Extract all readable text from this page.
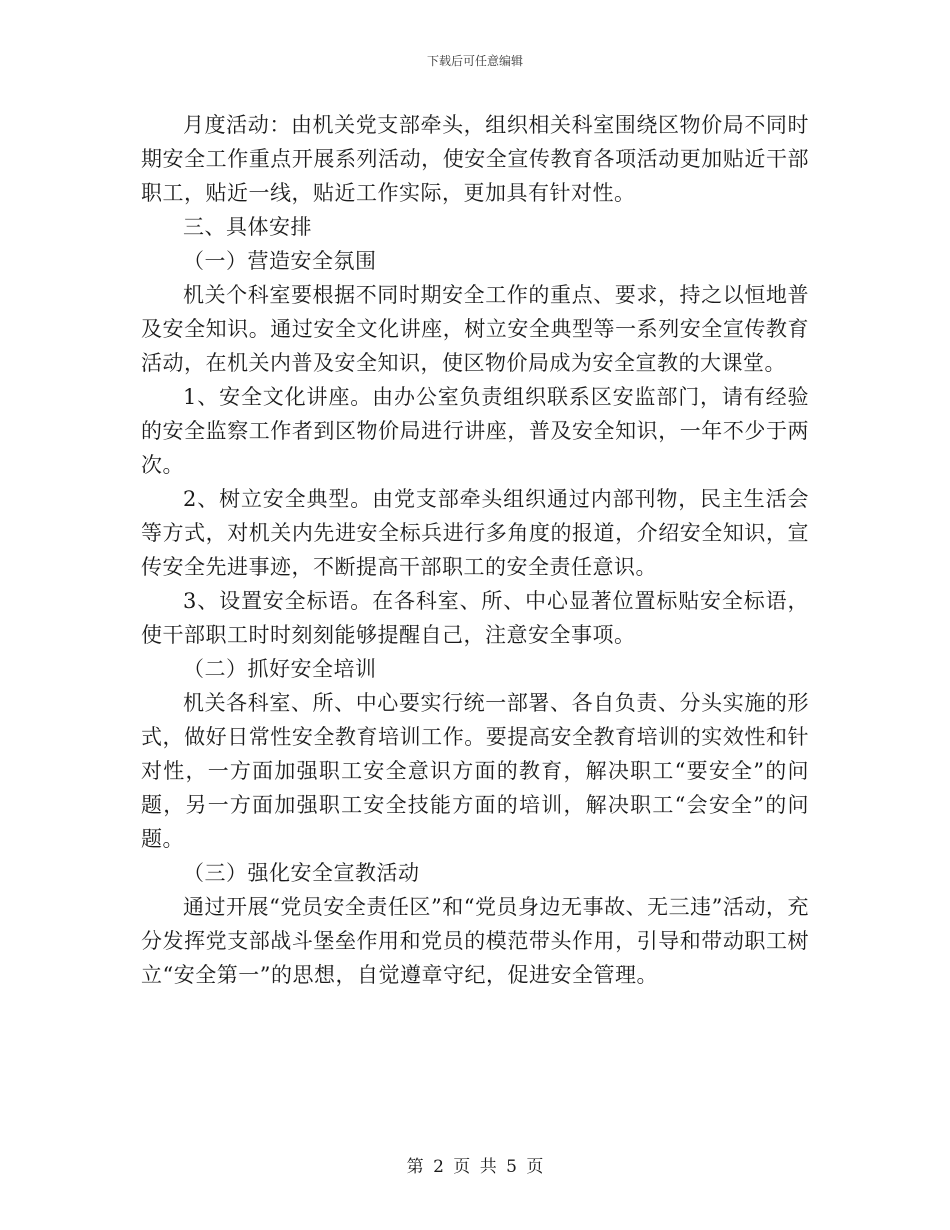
下载后可任意编辑

月度活动：由机关党支部牵头，组织相关科室围绕区物价局不同时期安全工作重点开展系列活动，使安全宣传教育各项活动更加贴近干部职工，贴近一线，贴近工作实际，更加具有针对性。

三、具体安排

（一）营造安全氛围

机关个科室要根据不同时期安全工作的重点、要求，持之以恒地普及安全知识。通过安全文化讲座，树立安全典型等一系列安全宣传教育活动，在机关内普及安全知识，使区物价局成为安全宣教的大课堂。

1、安全文化讲座。由办公室负责组织联系区安监部门，请有经验的安全监察工作者到区物价局进行讲座，普及安全知识，一年不少于两次。

2、树立安全典型。由党支部牵头组织通过内部刊物，民主生活会等方式，对机关内先进安全标兵进行多角度的报道，介绍安全知识，宣传安全先进事迹，不断提高干部职工的安全责任意识。

3、设置安全标语。在各科室、所、中心显著位置标贴安全标语，使干部职工时时刻刻能够提醒自己，注意安全事项。

（二）抓好安全培训

机关各科室、所、中心要实行统一部署、各自负责、分头实施的形式，做好日常性安全教育培训工作。要提高安全教育培训的实效性和针对性，一方面加强职工安全意识方面的教育，解决职工“要安全”的问题，另一方面加强职工安全技能方面的培训，解决职工“会安全”的问题。

（三）强化安全宣教活动

通过开展“党员安全责任区”和“党员身边无事故、无三违”活动，充分发挥党支部战斗堡垒作用和党员的模范带头作用，引导和带动职工树立“安全第一”的思想，自觉遵章守纪，促进安全管理。

第 2 页 共 5 页
